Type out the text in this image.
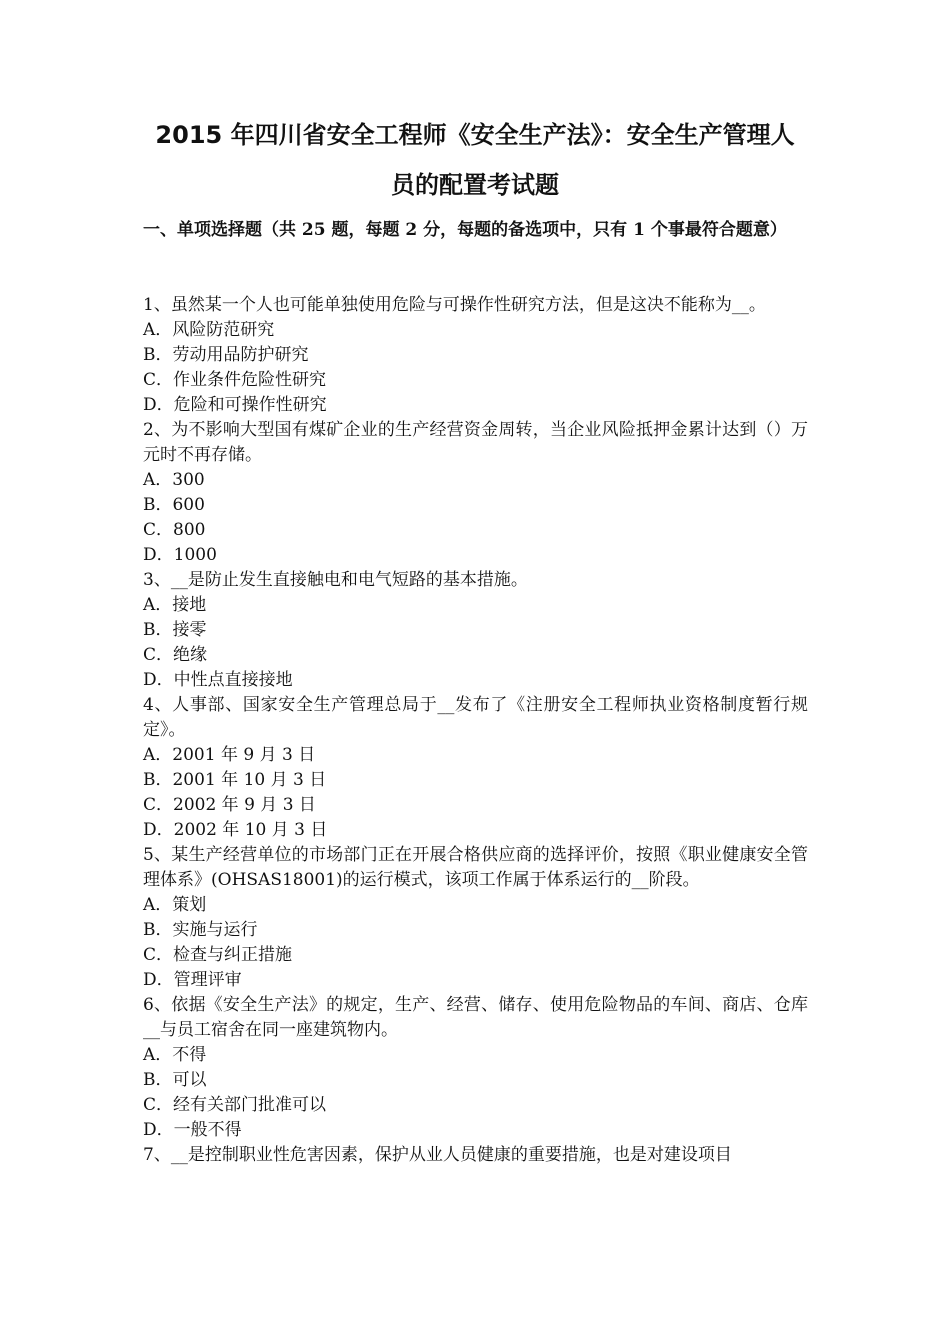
2015 年四川省安全工程师《安全生产法》：安全生产管理人
员的配置考试题
一、单项选择题（共 25 题，每题 2 分，每题的备选项中，只有 1 个事最符合题意）

1、虽然某一个人也可能单独使用危险与可操作性研究方法，但是这决不能称为__。

A．风险防范研究

B．劳动用品防护研究

C．作业条件危险性研究

D．危险和可操作性研究

2、为不影响大型国有煤矿企业的生产经营资金周转，当企业风险抵押金累计达到（）万元时不再存储。

A．300

B．600

C．800

D．1000

3、__是防止发生直接触电和电气短路的基本措施。

A．接地

B．接零

C．绝缘

D．中性点直接接地

4、人事部、国家安全生产管理总局于__发布了《注册安全工程师执业资格制度暂行规定》。

A．2001 年 9 月 3 日

B．2001 年 10 月 3 日

C．2002 年 9 月 3 日

D．2002 年 10 月 3 日

5、某生产经营单位的市场部门正在开展合格供应商的选择评价，按照《职业健康安全管理体系》(OHSAS18001)的运行模式，该项工作属于体系运行的__阶段。

A．策划

B．实施与运行

C．检查与纠正措施

D．管理评审

6、依据《安全生产法》的规定，生产、经营、储存、使用危险物品的车间、商店、仓库__与员工宿舍在同一座建筑物内。

A．不得

B．可以

C．经有关部门批准可以

D．一般不得

7、__是控制职业性危害因素，保护从业人员健康的重要措施，也是对建设项目
